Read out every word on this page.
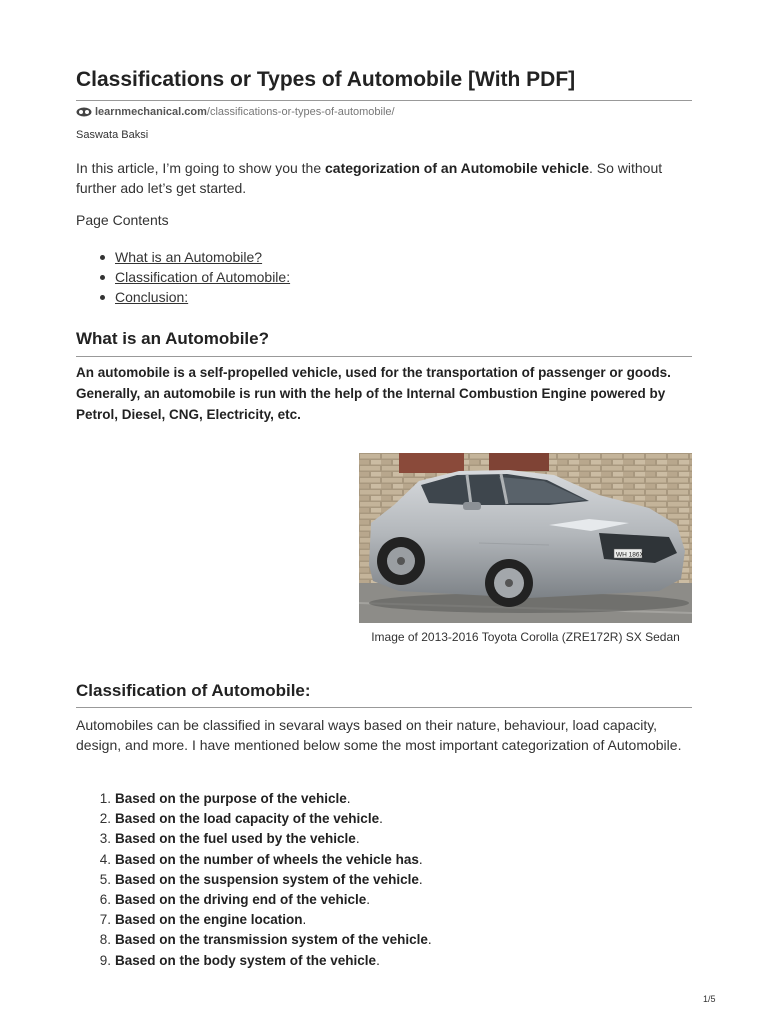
Classifications or Types of Automobile [With PDF]
learnmechanical.com /classifications-or-types-of-automobile/
Saswata Baksi

In this article, I’m going to show you the categorization of an Automobile vehicle. So without further ado let’s get started.

Page Contents
What is an Automobile?
Classification of Automobile:
Conclusion:
What is an Automobile?

An automobile is a self-propelled vehicle, used for the transportation of passenger or goods. Generally, an automobile is run with the help of the Internal Combustion Engine powered by Petrol, Diesel, CNG, Electricity, etc.

WH 186X

Image of 2013-2016 Toyota Corolla (ZRE172R) SX Sedan

Classification of Automobile:

Automobiles can be classified in sevaral ways based on their nature, behaviour, load capacity, design, and more. I have mentioned below some the most important categorization of Automobile.

1. Based on the purpose of the vehicle.
2. Based on the load capacity of the vehicle.
3. Based on the fuel used by the vehicle.
4. Based on the number of wheels the vehicle has.
5. Based on the suspension system of the vehicle.
6. Based on the driving end of the vehicle.
7. Based on the engine location.
8. Based on the transmission system of the vehicle.
9. Based on the body system of the vehicle.
1/5
